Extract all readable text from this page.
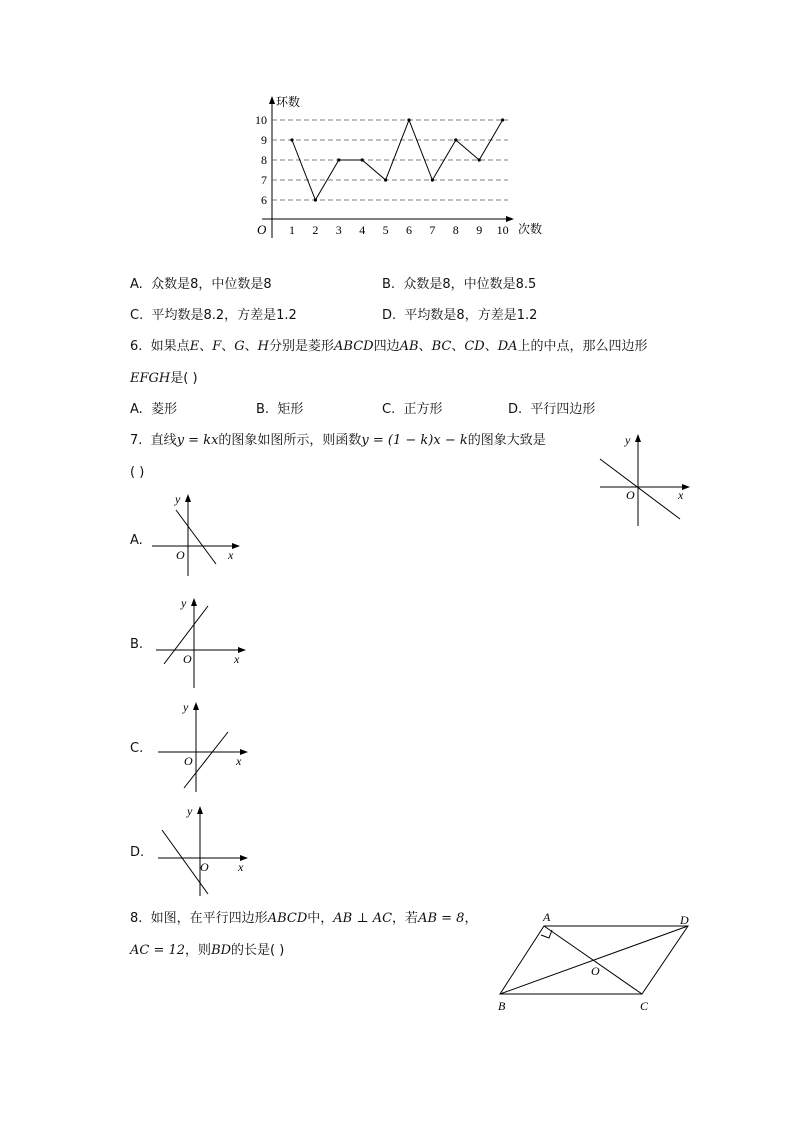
环数
次数
O
6
7
8
9
10
1 2 3 4 5 6 7 8 9 10
A. 众数是8，中位数是8	B. 众数是8，中位数是8.5
C. 平均数是8.2，方差是1.2	D. 平均数是8，方差是1.2
6. 如果点E、F、G、H分别是菱形ABCD四边AB、BC、CD、DA上的中点，那么四边形
EFGH是( )
A. 菱形	B. 矩形	C. 正方形	D. 平行四边形
7. 直线y = kx的图象如图所示，则函数y = (1 − k)x − k的图象大致是
( )
y
x
O
A.
y
x
O
B.
y
x
O
C.
y
x
O
D.
y
x
O
8. 如图，在平行四边形ABCD中，AB ⊥ AC，若AB = 8，
AC = 12，则BD的长是( )
A	D
B	C
O
